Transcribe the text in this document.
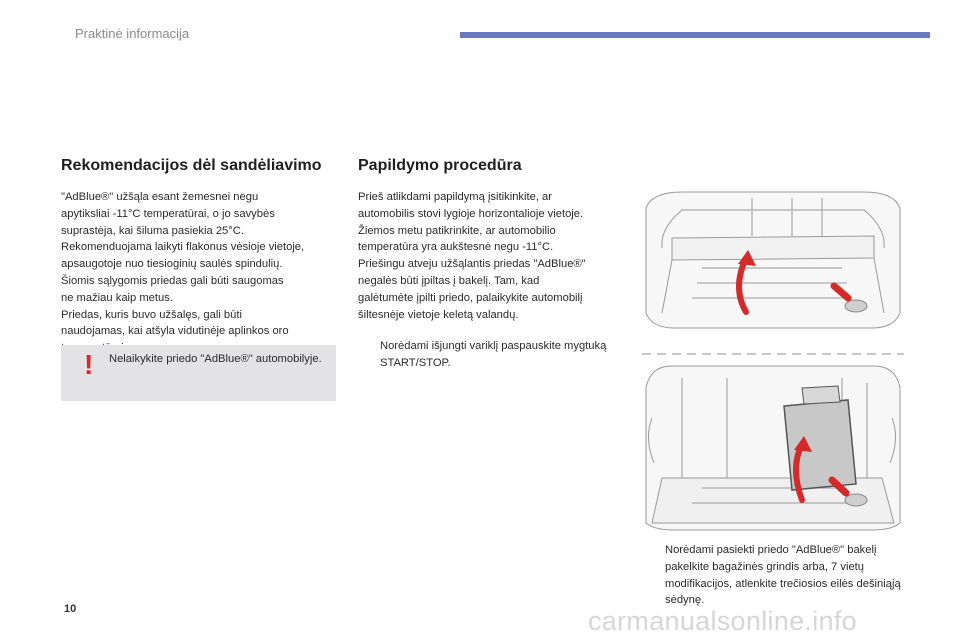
Praktinė informacija
Rekomendacijos dėl sandėliavimo

"AdBlue®" užšąla esant žemesnei negu

apytiksliai -11°C temperatūrai, o jo savybės

suprastėja, kai šiluma pasiekia 25°C.

Rekomenduojama laikyti flakonus vėsioje vietoje,

apsaugotoje nuo tiesioginių saulės spindulių.

Šiomis sąlygomis priedas gali būti saugomas

ne mažiau kaip metus.

Priedas, kuris buvo užšalęs, gali būti

naudojamas, kai atšyla vidutinėje aplinkos oro

! Nelaikykite priedo "AdBlue®" automobilyje.
Papildymo procedūra

Prieš atlikdami papildymą įsitikinkite, ar

automobilis stovi lygioje horizontalioje vietoje.

Žiemos metu patikrinkite, ar automobilio

temperatūra yra aukštesnė negu -11°C.

Priešingu atveju užšąlantis priedas "AdBlue®"

negalės būti įpiltas į bakelį. Tam, kad

galėtumėte įpilti priedo, palaikykite automobilį

šiltesnėje vietoje keletą valandų.

Norėdami išjungti variklį paspauskite mygtuką START/STOP.
Norėdami pasiekti priedo "AdBlue®" bakelį pakelkite bagažinės grindis arba, 7 vietų modifikacijos, atlenkite trečiosios eilės dešiniąją sėdynę.
10	carmanualsonline.info
